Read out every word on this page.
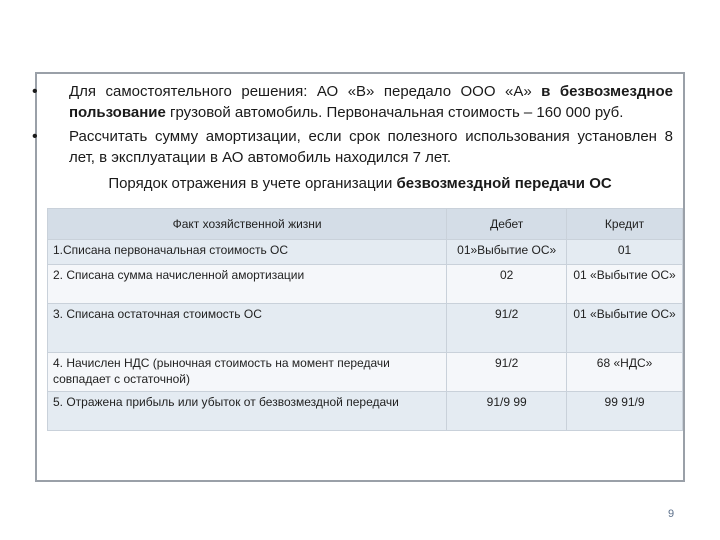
• Для самостоятельного решения: АО «В» передало ООО «А» в безвозмездное пользование грузовой автомобиль. Первоначальная стоимость – 160 000 руб.
• Рассчитать сумму амортизации, если срок полезного использования установлен 8 лет, в эксплуатации в АО автомобиль находился 7 лет.
Порядок отражения в учете организации безвозмездной передачи ОС
Факт хозяйственной жизни	Дебет	Кредит
1.Списана первоначальная стоимость ОС	01»Выбытие ОС»	01
2. Списана сумма начисленной амортизации	02	01 «Выбытие ОС»
3. Списана остаточная стоимость ОС	91/2	01 «Выбытие ОС»
4. Начислен НДС (рыночная стоимость на момент передачи совпадает с остаточной)	91/2	68 «НДС»
5. Отражена прибыль или убыток от безвозмездной передачи	91/9 99	99 91/9
9
